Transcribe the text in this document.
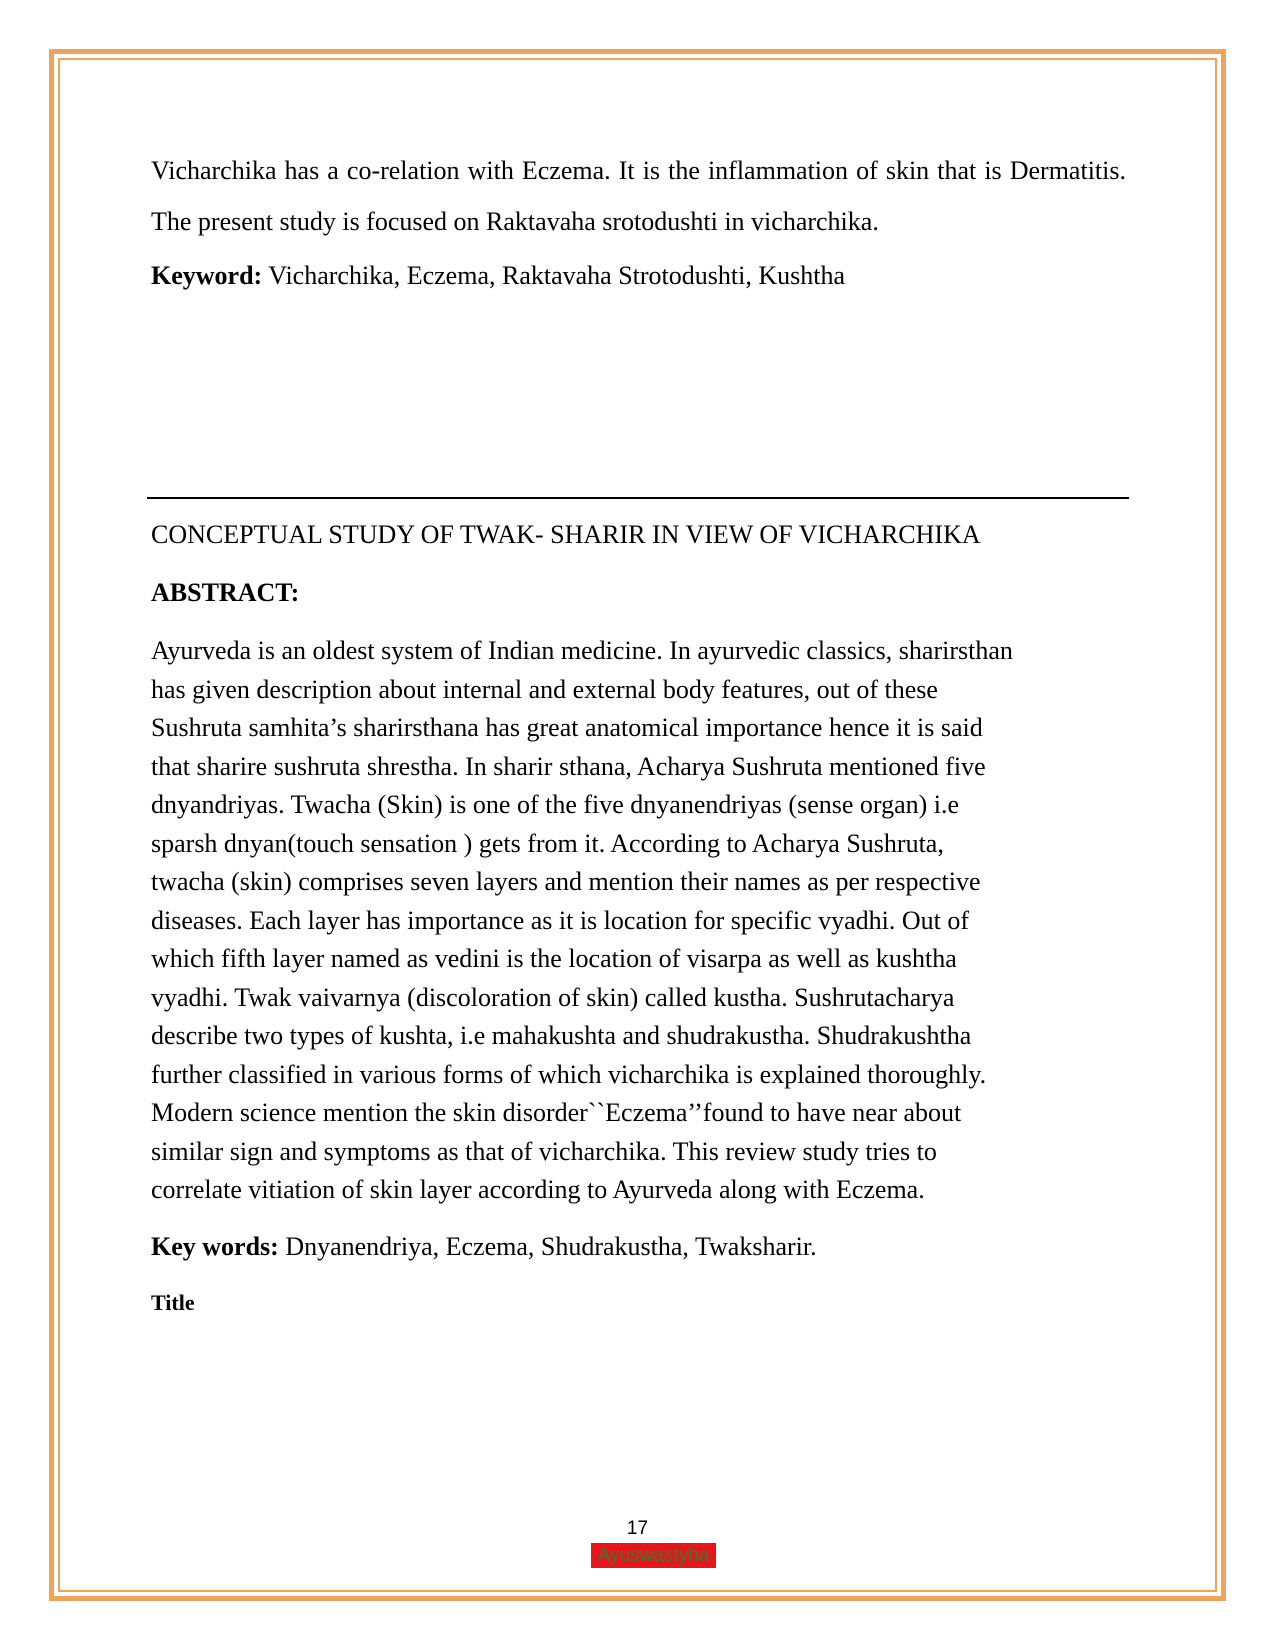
Vicharchika has a co-relation with Eczema. It is the inflammation of skin that is Dermatitis. The present study is focused on Raktavaha srotodushti in vicharchika.

Keyword: Vicharchika, Eczema, Raktavaha Strotodushti, Kushtha

CONCEPTUAL STUDY OF TWAK- SHARIR IN VIEW OF VICHARCHIKA

ABSTRACT:

Ayurveda is an oldest system of Indian medicine. In ayurvedic classics, sharirsthan
has given description about internal and external body features, out of these
Sushruta samhita’s sharirsthana has great anatomical importance hence it is said
that sharire sushruta shrestha. In sharir sthana, Acharya Sushruta mentioned five
dnyandriyas. Twacha (Skin) is one of the five dnyanendriyas (sense organ) i.e
sparsh dnyan(touch sensation ) gets from it. According to Acharya Sushruta,
twacha (skin) comprises seven layers and mention their names as per respective
diseases. Each layer has importance as it is location for specific vyadhi. Out of
which fifth layer named as vedini is the location of visarpa as well as kushtha
vyadhi. Twak vaivarnya (discoloration of skin) called kustha. Sushrutacharya
describe two types of kushta, i.e mahakushta and shudrakustha. Shudrakushtha
further classified in various forms of which vicharchika is explained thoroughly.
Modern science mention the skin disorder``Eczema’’found to have near about
similar sign and symptoms as that of vicharchika. This review study tries to
correlate vitiation of skin layer according to Ayurveda along with Eczema.

Key words: Dnyanendriya, Eczema, Shudrakustha, Twaksharir.

Title

17
Ayuswastyha
